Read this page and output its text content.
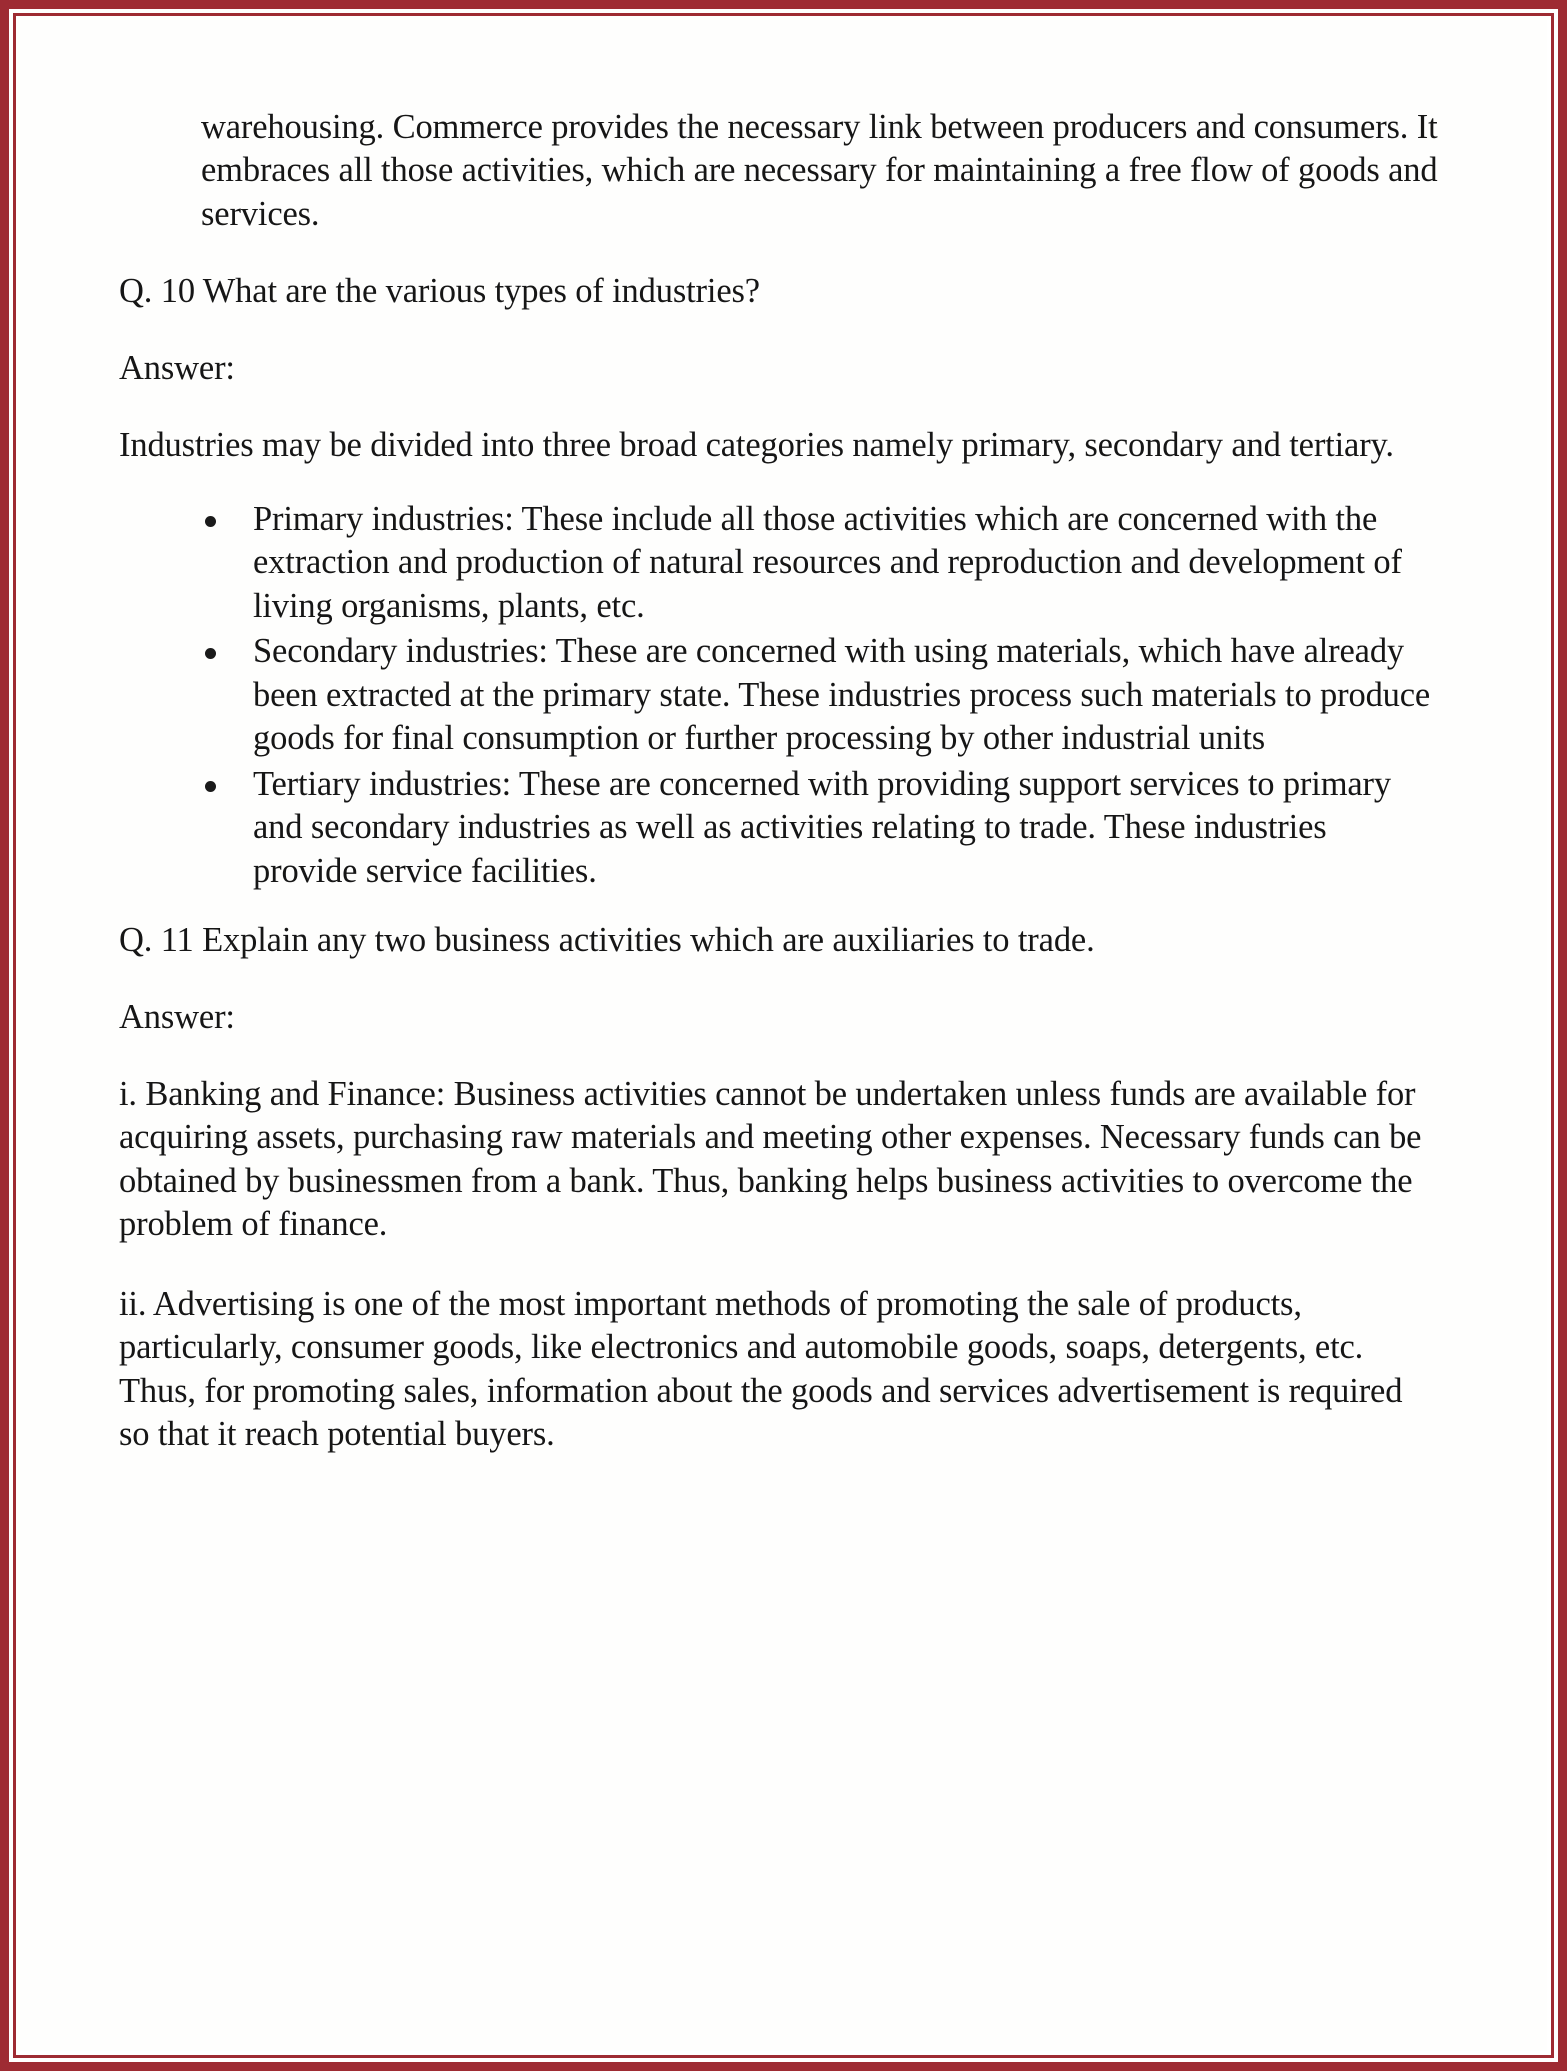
warehousing. Commerce provides the necessary link between producers and consumers. It embraces all those activities, which are necessary for maintaining a free flow of goods and services.

Q. 10 What are the various types of industries?

Answer:

Industries may be divided into three broad categories namely primary, secondary and tertiary.

Primary industries: These include all those activities which are concerned with the extraction and production of natural resources and reproduction and development of living organisms, plants, etc.
Secondary industries: These are concerned with using materials, which have already been extracted at the primary state. These industries process such materials to produce goods for final consumption or further processing by other industrial units
Tertiary industries: These are concerned with providing support services to primary and secondary industries as well as activities relating to trade. These industries provide service facilities.

Q. 11 Explain any two business activities which are auxiliaries to trade.

Answer:

i. Banking and Finance: Business activities cannot be undertaken unless funds are available for acquiring assets, purchasing raw materials and meeting other expenses. Necessary funds can be obtained by businessmen from a bank. Thus, banking helps business activities to overcome the problem of finance.

ii. Advertising is one of the most important methods of promoting the sale of products, particularly, consumer goods, like electronics and automobile goods, soaps, detergents, etc. Thus, for promoting sales, information about the goods and services advertisement is required so that it reach potential buyers.
